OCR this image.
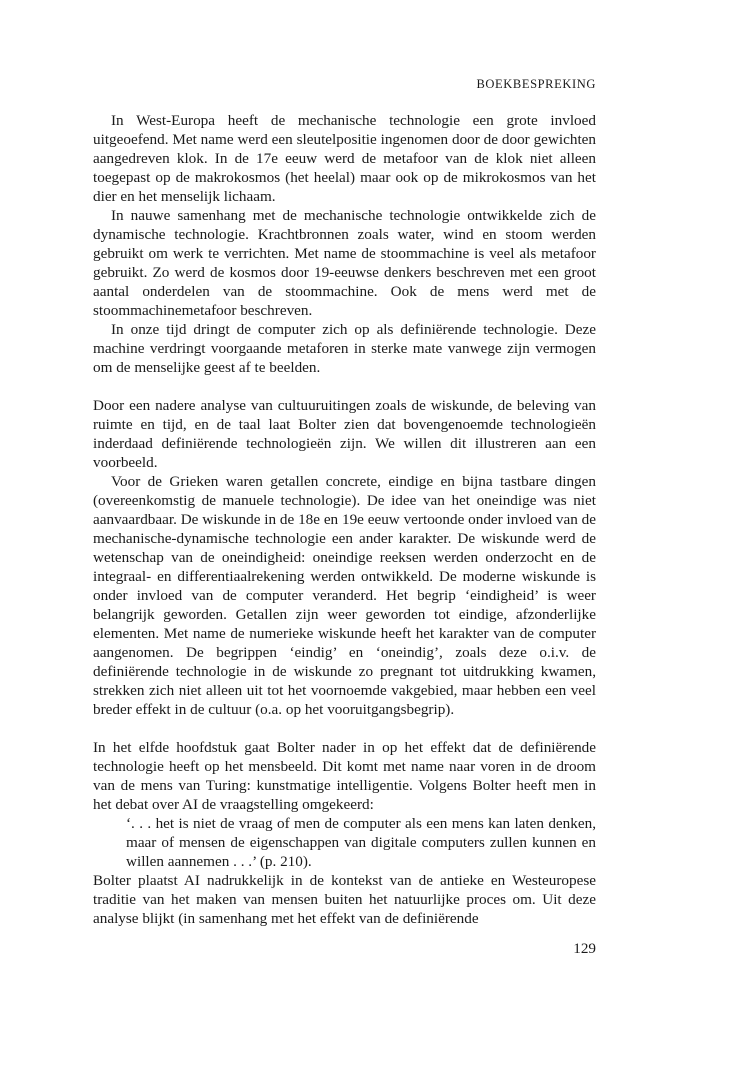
BOEKBESPREKING

In West-Europa heeft de mechanische technologie een grote invloed uitgeoefend. Met name werd een sleutelpositie ingenomen door de door gewichten aangedreven klok. In de 17e eeuw werd de metafoor van de klok niet alleen toegepast op de makrokosmos (het heelal) maar ook op de mikrokosmos van het dier en het menselijk lichaam.

In nauwe samenhang met de mechanische technologie ontwikkelde zich de dynamische technologie. Krachtbronnen zoals water, wind en stoom werden gebruikt om werk te verrichten. Met name de stoommachine is veel als metafoor gebruikt. Zo werd de kosmos door 19-eeuwse denkers beschreven met een groot aantal onderdelen van de stoommachine. Ook de mens werd met de stoommachinemetafoor beschreven.

In onze tijd dringt de computer zich op als definiërende technologie. Deze machine verdringt voorgaande metaforen in sterke mate vanwege zijn vermogen om de menselijke geest af te beelden.

Door een nadere analyse van cultuuruitingen zoals de wiskunde, de beleving van ruimte en tijd, en de taal laat Bolter zien dat bovengenoemde technologieën inderdaad definiërende technologieën zijn. We willen dit illustreren aan een voorbeeld.

Voor de Grieken waren getallen concrete, eindige en bijna tastbare dingen (overeenkomstig de manuele technologie). De idee van het oneindige was niet aanvaardbaar. De wiskunde in de 18e en 19e eeuw vertoonde onder invloed van de mechanische-dynamische technologie een ander karakter. De wiskunde werd de wetenschap van de oneindigheid: oneindige reeksen werden onderzocht en de integraal- en differentiaalrekening werden ontwikkeld. De moderne wiskunde is onder invloed van de computer veranderd. Het begrip ‘eindigheid’ is weer belangrijk geworden. Getallen zijn weer geworden tot eindige, afzonderlijke elementen. Met name de numerieke wiskunde heeft het karakter van de computer aangenomen. De begrippen ‘eindig’ en ‘oneindig’, zoals deze o.i.v. de definiërende technologie in de wiskunde zo pregnant tot uitdrukking kwamen, strekken zich niet alleen uit tot het voornoemde vakgebied, maar hebben een veel breder effekt in de cultuur (o.a. op het vooruitgangsbegrip).

In het elfde hoofdstuk gaat Bolter nader in op het effekt dat de definiërende technologie heeft op het mensbeeld. Dit komt met name naar voren in de droom van de mens van Turing: kunstmatige intelligentie. Volgens Bolter heeft men in het debat over AI de vraagstelling omgekeerd:

‘. . . het is niet de vraag of men de computer als een mens kan laten denken, maar of mensen de eigenschappen van digitale computers zullen kunnen en willen aannemen . . .’ (p. 210).

Bolter plaatst AI nadrukkelijk in de kontekst van de antieke en Westeuropese traditie van het maken van mensen buiten het natuurlijke proces om. Uit deze analyse blijkt (in samenhang met het effekt van de definiërende

129
